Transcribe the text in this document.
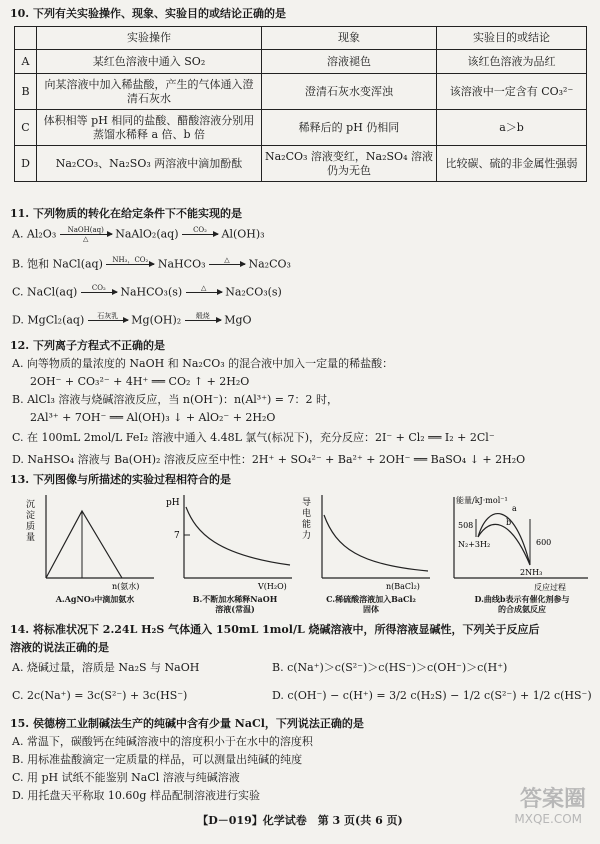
10. 下列有关实验操作、现象、实验目的或结论正确的是
	实验操作	现象	实验目的或结论
A	某红色溶液中通入 SO₂	溶液褪色	该红色溶液为品红
B	向某溶液中加入稀盐酸，产生的气体通入澄清石灰水	澄清石灰水变浑浊	该溶液中一定含有 CO₃²⁻
C	体积相等 pH 相同的盐酸、醋酸溶液分别用蒸馏水稀释 a 倍、b 倍	稀释后的 pH 仍相同	a＞b
D	Na₂CO₃、Na₂SO₃ 两溶液中滴加酚酞	Na₂CO₃ 溶液变红，Na₂SO₄ 溶液仍为无色	比较碳、硫的非金属性强弱
11. 下列物质的转化在给定条件下不能实现的是
A. Al₂O₃	NaOH(aq)
△	NaAlO₂(aq)	CO₂
	Al(OH)₃
B. 饱和 NaCl(aq)	NH₃，CO₂
NaHCO₃	△
	Na₂CO₃
C. NaCl(aq)	CO₂
	NaHCO₃(s)	△
	Na₂CO₃(s)
D. MgCl₂(aq)	石灰乳
	Mg(OH)₂	煅烧
	MgO
12. 下列离子方程式不正确的是
A. 向等物质的量浓度的 NaOH 和 Na₂CO₃ 的混合液中加入一定量的稀盐酸：
2OH⁻ + CO₃²⁻ + 4H⁺ ══ CO₂ ↑ + 2H₂O
B. AlCl₃ 溶液与烧碱溶液反应，当 n(OH⁻)：n(Al³⁺) = 7：2 时，
2Al³⁺ + 7OH⁻ ══ Al(OH)₃ ↓ + AlO₂⁻ + 2H₂O
C. 在 100mL 2mol/L FeI₂ 溶液中通入 4.48L 氯气(标况下)，充分反应：2I⁻ + Cl₂ ══ I₂ + 2Cl⁻
D. NaHSO₄ 溶液与 Ba(OH)₂ 溶液反应至中性：2H⁺ + SO₄²⁻ + Ba²⁺ + 2OH⁻ ══ BaSO₄ ↓ + 2H₂O
13. 下列图像与所描述的实验过程相符合的是
沉淀质量
n(氨水)
A.AgNO₃中滴加氨水
pH
7
V(H₂O)
B.不断加水稀释NaOH
溶液(常温)
导电能力
n(BaCl₂)
C.稀硫酸溶液加入BaCl₂
固体
能量/kJ·mol⁻¹
508
600
a
b
N₂+3H₂
2NH₃
反应过程
D.曲线b表示有催化剂参与
的合成氨反应
14. 将标准状况下 2.24L H₂S 气体通入 150mL 1mol/L 烧碱溶液中，所得溶液显碱性，下列关于反应后
溶液的说法正确的是
A. 烧碱过量，溶质是 Na₂S 与 NaOH	B. c(Na⁺)＞c(S²⁻)＞c(HS⁻)＞c(OH⁻)＞c(H⁺)
C. 2c(Na⁺) = 3c(S²⁻) + 3c(HS⁻)	D. c(OH⁻) − c(H⁺) = 3/2 c(H₂S) − 1/2 c(S²⁻) + 1/2 c(HS⁻)
15. 侯德榜工业制碱法生产的纯碱中含有少量 NaCl，下列说法正确的是
A. 常温下，碳酸钙在纯碱溶液中的溶度积小于在水中的溶度积
B. 用标准盐酸滴定一定质量的样品，可以测量出纯碱的纯度
C. 用 pH 试纸不能鉴别 NaCl 溶液与纯碱溶液
D. 用托盘天平称取 10.60g 样品配制溶液进行实验
【D－019】化学试卷　第 3 页(共 6 页)
答案圈
MXQE.COM
